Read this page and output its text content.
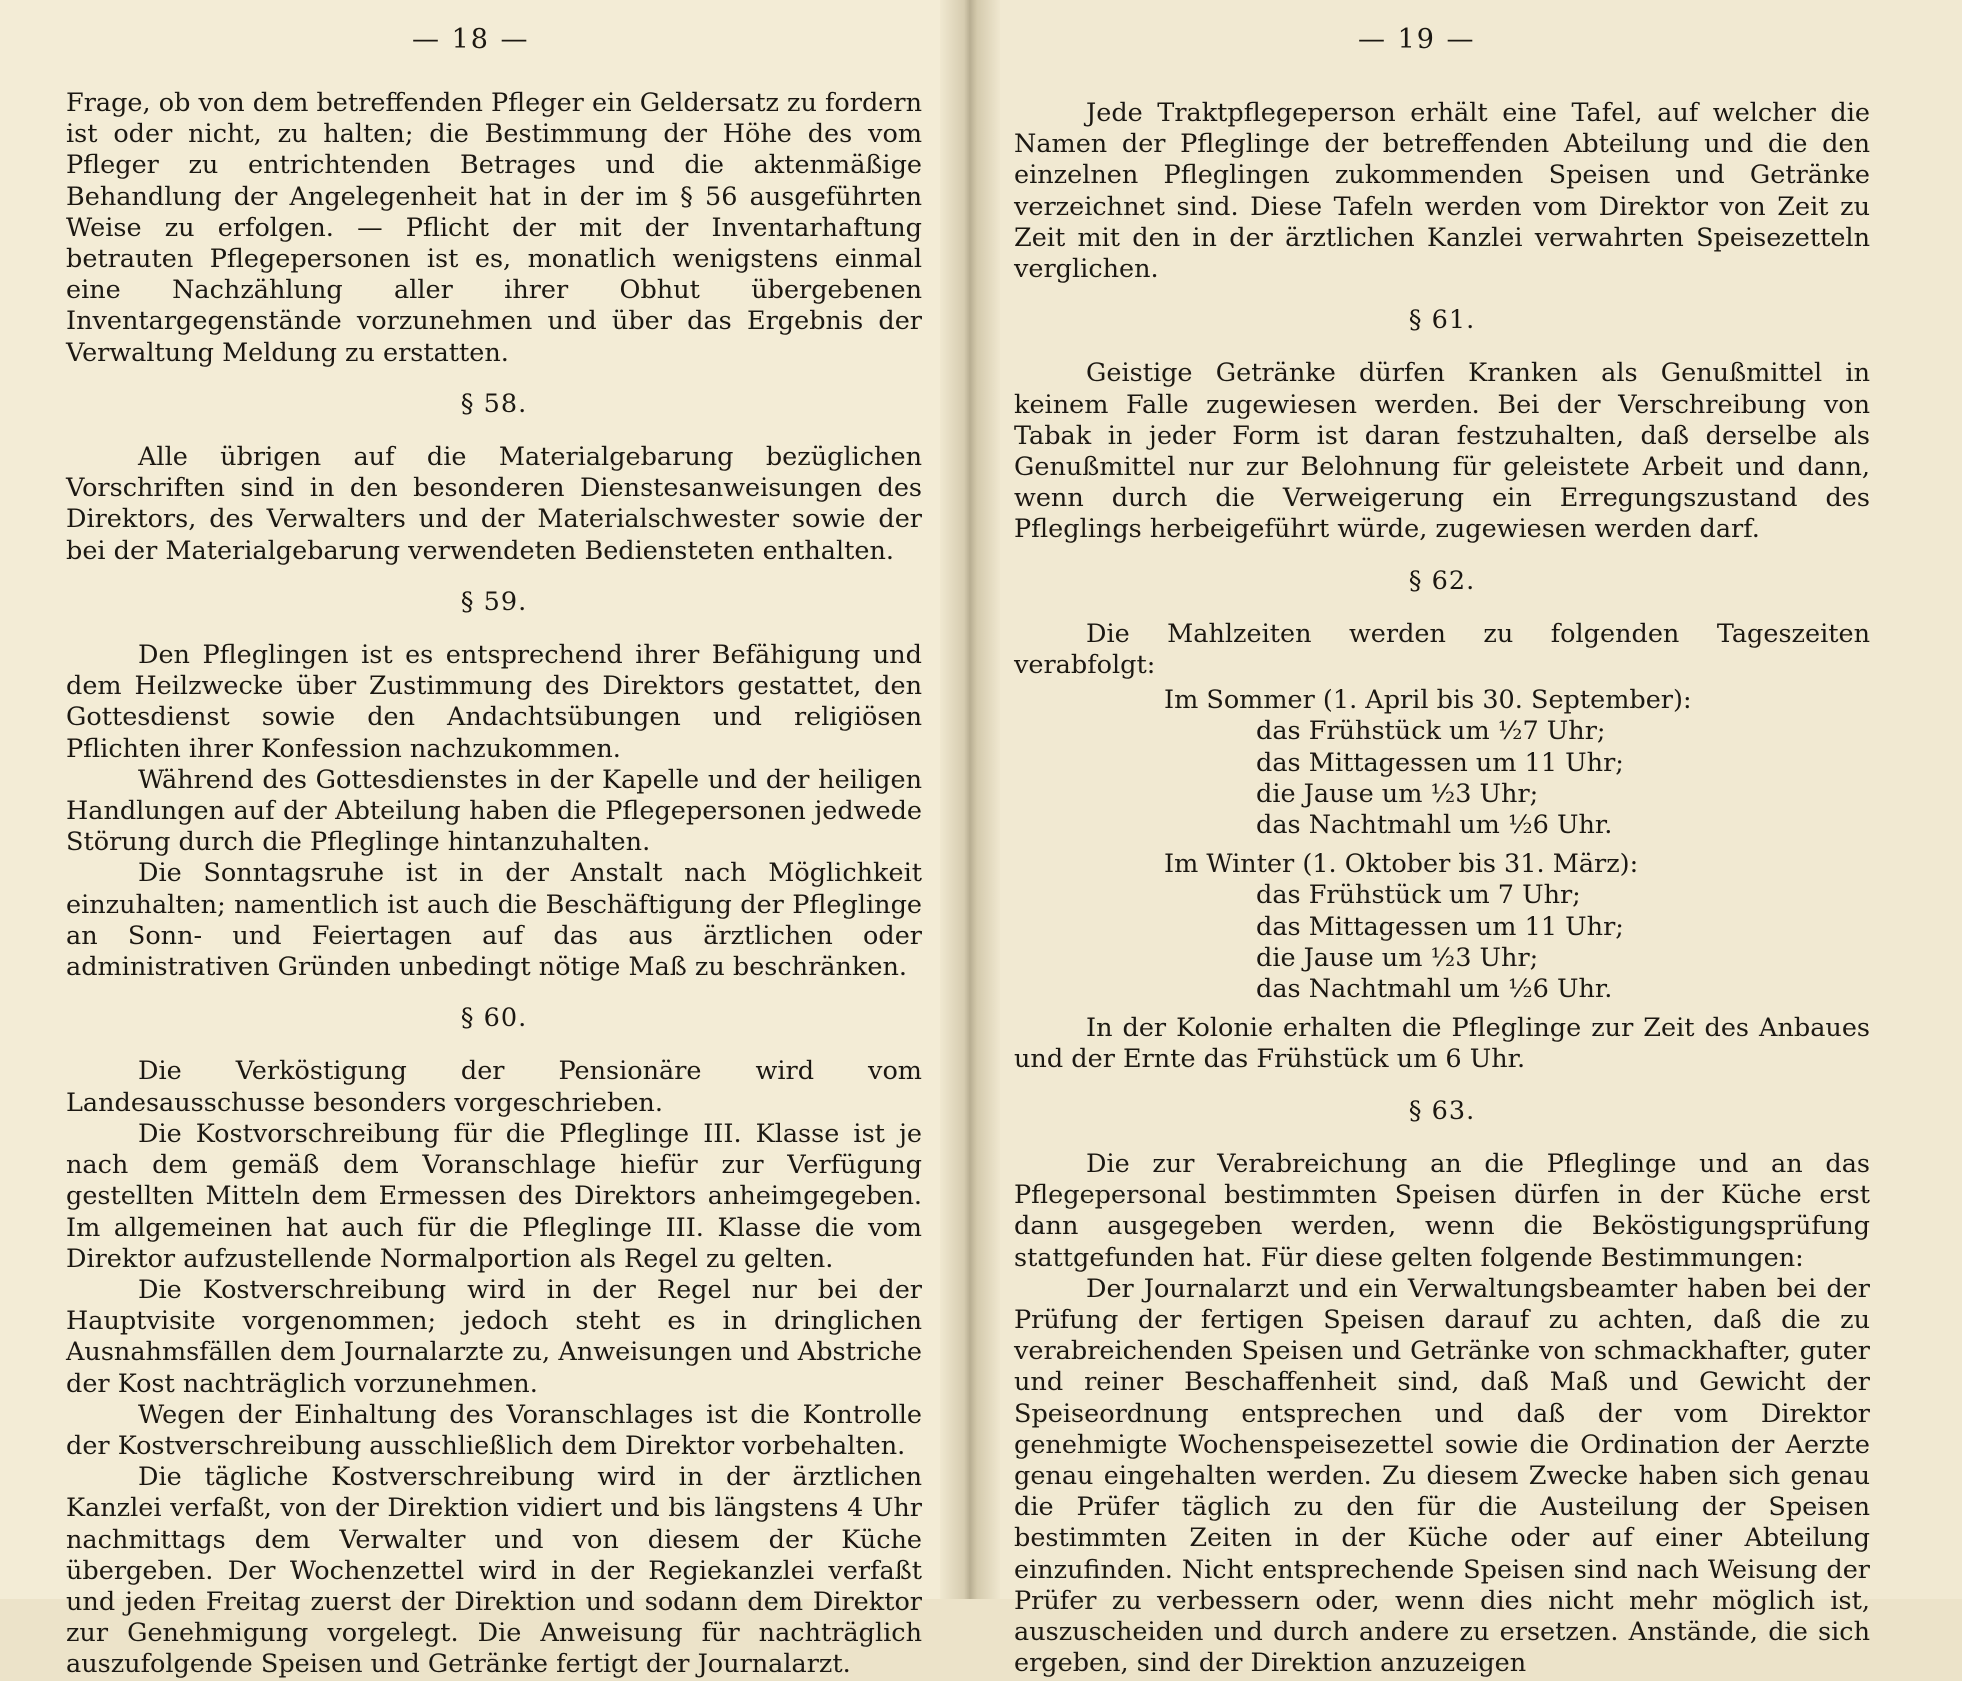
— 18 —

Frage, ob von dem betreffenden Pfleger ein Geldersatz zu fordern ist oder nicht, zu halten; die Bestimmung der Höhe des vom Pfleger zu entrichtenden Betrages und die aktenmäßige Behandlung der Angelegenheit hat in der im § 56 ausgeführten Weise zu erfolgen. — Pflicht der mit der Inventarhaftung betrauten Pflegepersonen ist es, monatlich wenigstens einmal eine Nachzählung aller ihrer Obhut übergebenen Inventargegenstände vorzunehmen und über das Ergebnis der Verwaltung Meldung zu erstatten.

§ 58.

Alle übrigen auf die Materialgebarung bezüglichen Vorschriften sind in den besonderen Dienstesanweisungen des Direktors, des Verwalters und der Materialschwester sowie der bei der Materialgebarung verwendeten Bediensteten enthalten.

§ 59.

Den Pfleglingen ist es entsprechend ihrer Befähigung und dem Heilzwecke über Zustimmung des Direktors gestattet, den Gottesdienst sowie den Andachtsübungen und religiösen Pflichten ihrer Konfession nachzukommen.

Während des Gottesdienstes in der Kapelle und der heiligen Handlungen auf der Abteilung haben die Pflegepersonen jedwede Störung durch die Pfleglinge hintanzuhalten.

Die Sonntagsruhe ist in der Anstalt nach Möglichkeit einzuhalten; namentlich ist auch die Beschäftigung der Pfleglinge an Sonn- und Feiertagen auf das aus ärztlichen oder administrativen Gründen unbedingt nötige Maß zu beschränken.

§ 60.

Die Verköstigung der Pensionäre wird vom Landesausschusse besonders vorgeschrieben.

Die Kostvorschreibung für die Pfleglinge III. Klasse ist je nach dem gemäß dem Voranschlage hiefür zur Verfügung gestellten Mitteln dem Ermessen des Direktors anheimgegeben. Im allgemeinen hat auch für die Pfleglinge III. Klasse die vom Direktor aufzustellende Normalportion als Regel zu gelten.

Die Kostverschreibung wird in der Regel nur bei der Hauptvisite vorgenommen; jedoch steht es in dringlichen Ausnahmsfällen dem Journalarzte zu, Anweisungen und Abstriche der Kost nachträglich vorzunehmen.

Wegen der Einhaltung des Voranschlages ist die Kontrolle der Kostverschreibung ausschließlich dem Direktor vorbehalten.

Die tägliche Kostverschreibung wird in der ärztlichen Kanzlei verfaßt, von der Direktion vidiert und bis längstens 4 Uhr nachmittags dem Verwalter und von diesem der Küche übergeben. Der Wochenzettel wird in der Regiekanzlei verfaßt und jeden Freitag zuerst der Direktion und sodann dem Direktor zur Genehmigung vorgelegt. Die Anweisung für nachträglich auszufolgende Speisen und Getränke fertigt der Journalarzt.

— 19 —

Jede Traktpflegeperson erhält eine Tafel, auf welcher die Namen der Pfleglinge der betreffenden Abteilung und die den einzelnen Pfleglingen zukommenden Speisen und Getränke verzeichnet sind. Diese Tafeln werden vom Direktor von Zeit zu Zeit mit den in der ärztlichen Kanzlei verwahrten Speisezetteln verglichen.

§ 61.

Geistige Getränke dürfen Kranken als Genußmittel in keinem Falle zugewiesen werden. Bei der Verschreibung von Tabak in jeder Form ist daran festzuhalten, daß derselbe als Genußmittel nur zur Belohnung für geleistete Arbeit und dann, wenn durch die Verweigerung ein Erregungszustand des Pfleglings herbeigeführt würde, zugewiesen werden darf.

§ 62.

Die Mahlzeiten werden zu folgenden Tageszeiten verabfolgt:

Im Sommer (1. April bis 30. September):
das Frühstück um ½7 Uhr;
das Mittagessen um 11 Uhr;
die Jause um ½3 Uhr;
das Nachtmahl um ½6 Uhr.
Im Winter (1. Oktober bis 31. März):
das Frühstück um 7 Uhr;
das Mittagessen um 11 Uhr;
die Jause um ½3 Uhr;
das Nachtmahl um ½6 Uhr.

In der Kolonie erhalten die Pfleglinge zur Zeit des Anbaues und der Ernte das Frühstück um 6 Uhr.

§ 63.

Die zur Verabreichung an die Pfleglinge und an das Pflegepersonal bestimmten Speisen dürfen in der Küche erst dann ausgegeben werden, wenn die Beköstigungsprüfung stattgefunden hat. Für diese gelten folgende Bestimmungen:

Der Journalarzt und ein Verwaltungsbeamter haben bei der Prüfung der fertigen Speisen darauf zu achten, daß die zu verabreichenden Speisen und Getränke von schmackhafter, guter und reiner Beschaffenheit sind, daß Maß und Gewicht der Speiseordnung entsprechen und daß der vom Direktor genehmigte Wochenspeisezettel sowie die Ordination der Aerzte genau eingehalten werden. Zu diesem Zwecke haben sich genau die Prüfer täglich zu den für die Austeilung der Speisen bestimmten Zeiten in der Küche oder auf einer Abteilung einzufinden. Nicht entsprechende Speisen sind nach Weisung der Prüfer zu verbessern oder, wenn dies nicht mehr möglich ist, auszuscheiden und durch andere zu ersetzen. Anstände, die sich ergeben, sind der Direktion anzuzeigen
